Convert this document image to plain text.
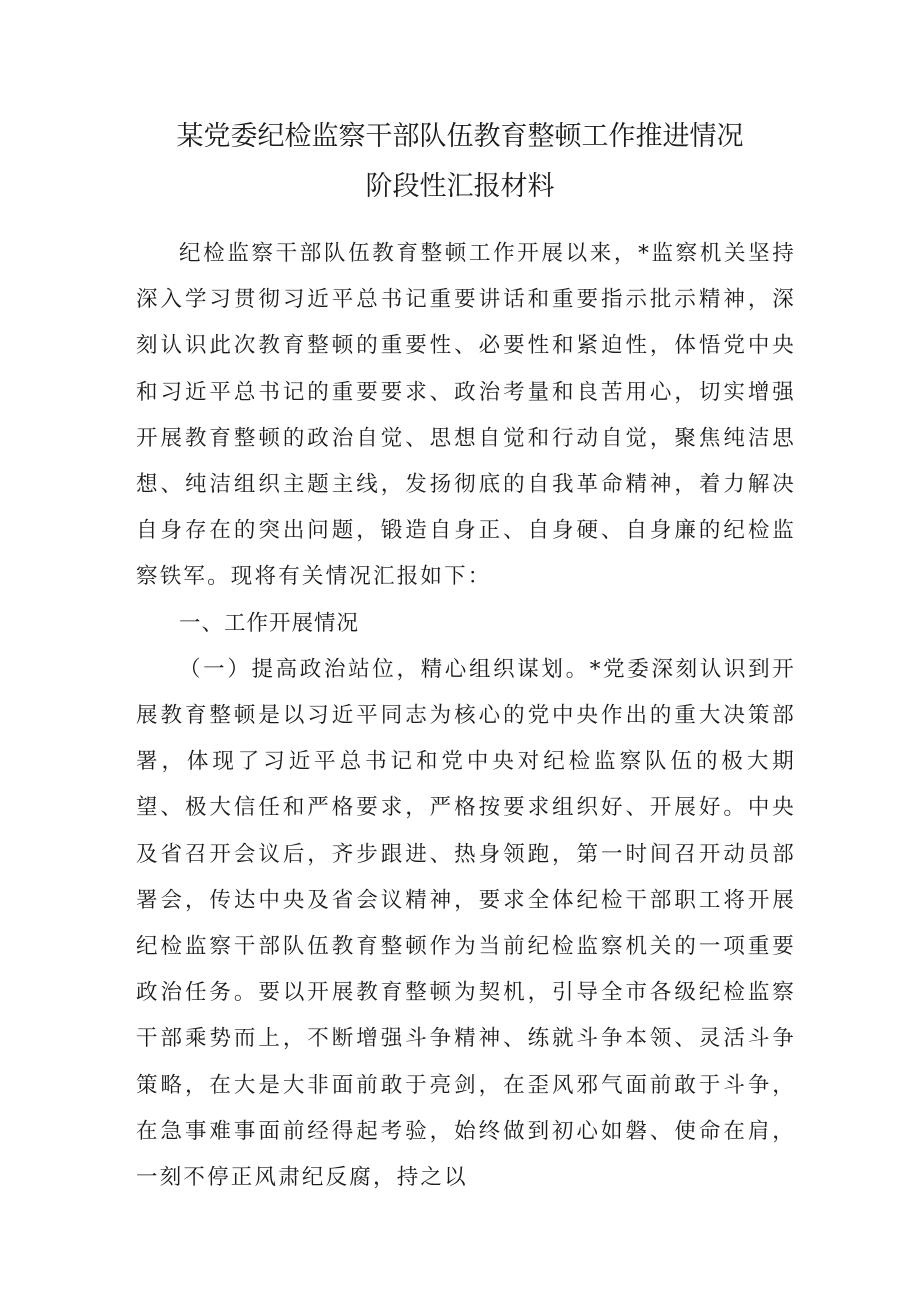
某党委纪检监察干部队伍教育整顿工作推进情况
阶段性汇报材料

纪检监察干部队伍教育整顿工作开展以来，*监察机关坚持深入学习贯彻习近平总书记重要讲话和重要指示批示精神，深刻认识此次教育整顿的重要性、必要性和紧迫性，体悟党中央和习近平总书记的重要要求、政治考量和良苦用心，切实增强开展教育整顿的政治自觉、思想自觉和行动自觉，聚焦纯洁思想、纯洁组织主题主线，发扬彻底的自我革命精神，着力解决自身存在的突出问题，锻造自身正、自身硬、自身廉的纪检监察铁军。现将有关情况汇报如下：

一、工作开展情况

（一）提高政治站位，精心组织谋划。*党委深刻认识到开展教育整顿是以习近平同志为核心的党中央作出的重大决策部署，体现了习近平总书记和党中央对纪检监察队伍的极大期望、极大信任和严格要求，严格按要求组织好、开展好。中央及省召开会议后，齐步跟进、热身领跑，第一时间召开动员部署会，传达中央及省会议精神，要求全体纪检干部职工将开展纪检监察干部队伍教育整顿作为当前纪检监察机关的一项重要政治任务。要以开展教育整顿为契机，引导全市各级纪检监察干部乘势而上，不断增强斗争精神、练就斗争本领、灵活斗争策略，在大是大非面前敢于亮剑，在歪风邪气面前敢于斗争，在急事难事面前经得起考验，始终做到初心如磐、使命在肩，一刻不停正风肃纪反腐，持之以
